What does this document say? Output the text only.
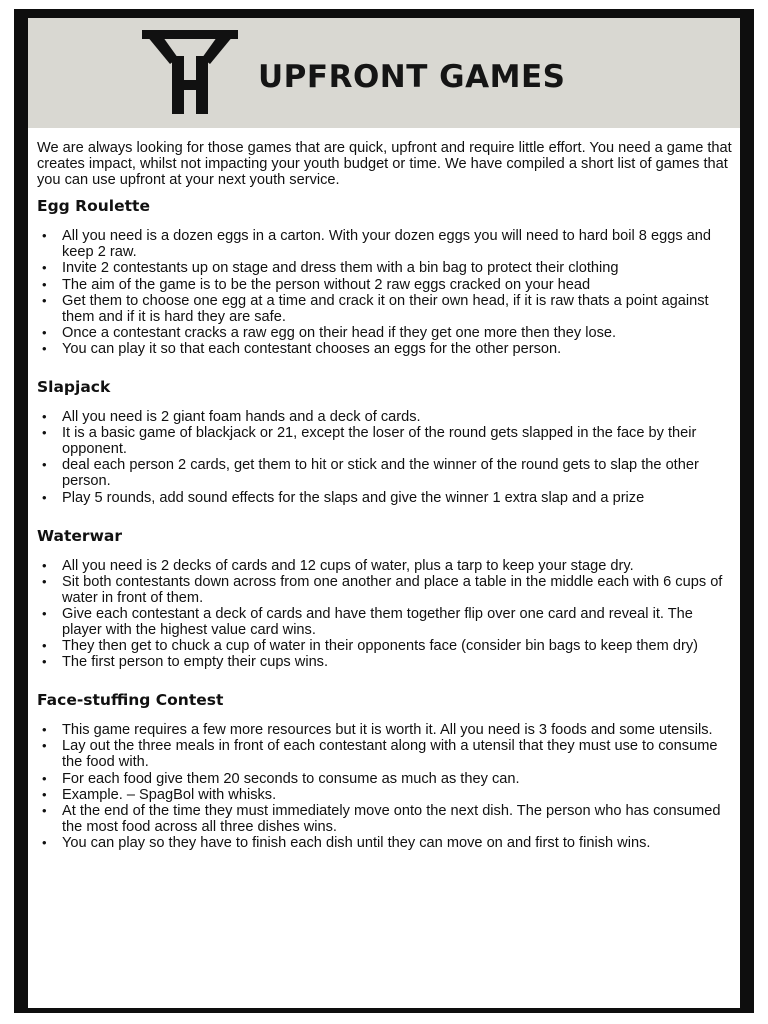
UPFRONT GAMES

We are always looking for those games that are quick, upfront and require little effort. You need a game that creates impact, whilst not impacting your youth budget or time. We have compiled a short list of games that you can use upfront at your next youth service.

Egg Roulette
• All you need is a dozen eggs in a carton. With your dozen eggs you will need to hard boil 8 eggs and keep 2 raw.
• Invite 2 contestants up on stage and dress them with a bin bag to protect their clothing
• The aim of the game is to be the person without 2 raw eggs cracked on your head
• Get them to choose one egg at a time and crack it on their own head, if it is raw thats a point against them and if it is hard they are safe.
• Once a contestant cracks a raw egg on their head if they get one more then they lose.
• You can play it so that each contestant chooses an eggs for the other person.
Slapjack
• All you need is 2 giant foam hands and a deck of cards.
• It is a basic game of blackjack or 21, except the loser of the round gets slapped in the face by their opponent.
• deal each person 2 cards, get them to hit or stick and the winner of the round gets to slap the other person.
• Play 5 rounds, add sound effects for the slaps and give the winner 1 extra slap and a prize
Waterwar
• All you need is 2 decks of cards and 12 cups of water, plus a tarp to keep your stage dry.
• Sit both contestants down across from one another and place a table in the middle each with 6 cups of water in front of them.
• Give each contestant a deck of cards and have them together flip over one card and reveal it. The player with the highest value card wins.
• They then get to chuck a cup of water in their opponents face (consider bin bags to keep them dry)
• The first person to empty their cups wins.
Face-stuffing Contest
• This game requires a few more resources but it is worth it. All you need is 3 foods and some utensils.
• Lay out the three meals in front of each contestant along with a utensil that they must use to consume the food with.
• For each food give them 20 seconds to consume as much as they can.
• Example. – SpagBol with whisks.
• At the end of the time they must immediately move onto the next dish. The person who has consumed the most food across all three dishes wins.
• You can play so they have to finish each dish until they can move on and first to finish wins.
